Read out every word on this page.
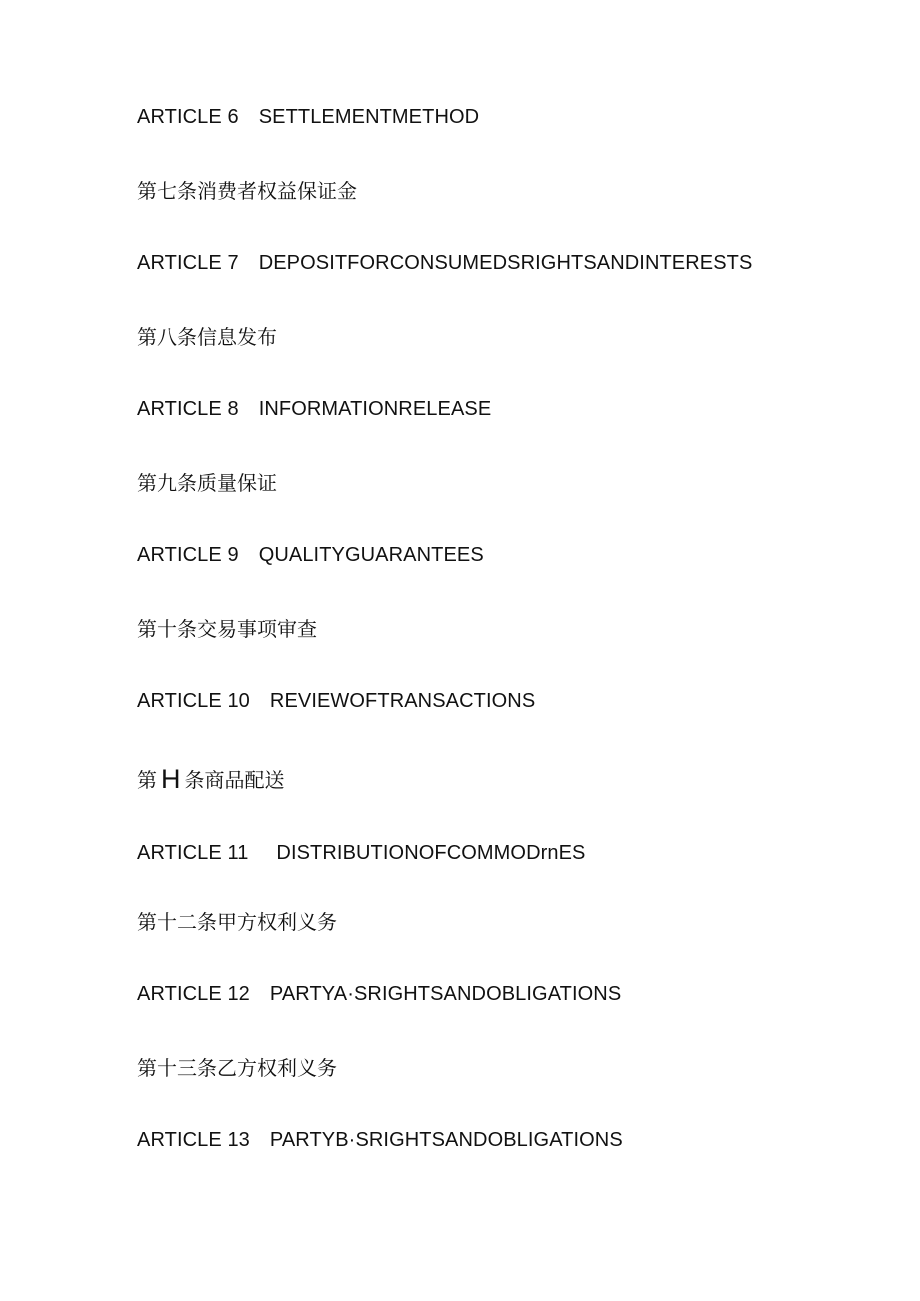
ARTICLE 6 SETTLEMENTMETHOD
第七条消费者权益保证金
ARTICLE 7 DEPOSITFORCONSUMEDSRIGHTSANDINTERESTS
第八条信息发布
ARTICLE 8 INFORMATIONRELEASE
第九条质量保证
ARTICLE 9 QUALITYGUARANTEES
第十条交易事项审查
ARTICLE 10 REVIEWOFTRANSACTIONS
第 H 条商品配送
ARTICLE 11 DISTRIBUTIONOFCOMMODrnES
第十二条甲方权利义务
ARTICLE 12 PARTYA·SRIGHTSANDOBLIGATIONS
第十三条乙方权利义务
ARTICLE 13 PARTYB·SRIGHTSANDOBLIGATIONS
